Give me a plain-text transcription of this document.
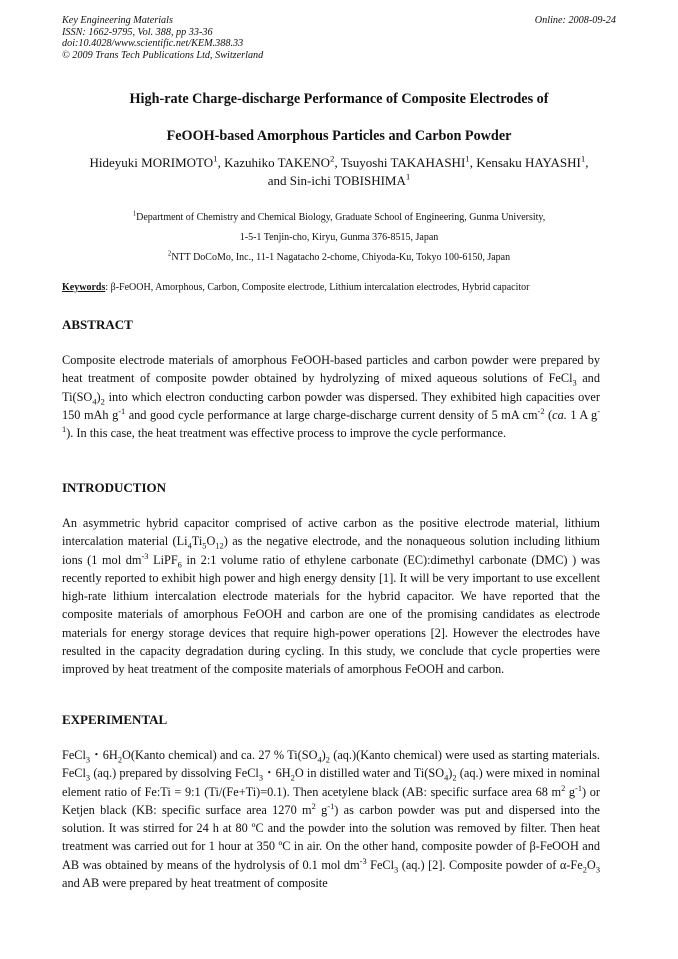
Key Engineering Materials
ISSN: 1662-9795, Vol. 388, pp 33-36
doi:10.4028/www.scientific.net/KEM.388.33
© 2009 Trans Tech Publications Ltd, Switzerland
Online: 2008-09-24
High-rate Charge-discharge Performance of Composite Electrodes of
FeOOH-based Amorphous Particles and Carbon Powder
Hideyuki MORIMOTO$^1$, Kazuhiko TAKENO$^2$, Tsuyoshi TAKAHASHI$^1$, Kensaku HAYASHI$^1$,
and Sin-ichi TOBISHIMA$^1$
$^1$Department of Chemistry and Chemical Biology, Graduate School of Engineering, Gunma University,
1-5-1 Tenjin-cho, Kiryu, Gunma 376-8515, Japan
$^2$NTT DoCoMo, Inc., 11-1 Nagatacho 2-chome, Chiyoda-Ku, Tokyo 100-6150, Japan
Keywords: β-FeOOH, Amorphous, Carbon, Composite electrode, Lithium intercalation electrodes, Hybrid capacitor
ABSTRACT

Composite electrode materials of amorphous FeOOH-based particles and carbon powder were prepared by heat treatment of composite powder obtained by hydrolyzing of mixed aqueous solutions of FeCl$_3$ and $Ti(SO_4)_2$ into which electron conducting carbon powder was dispersed. They exhibited high capacities over 150 mAh $g^{-1}$ and good cycle performance at large charge-discharge current density of 5 mA $cm^{-2}$ (ca. 1 A $g^{-1}$). In this case, the heat treatment was effective process to improve the cycle performance.

INTRODUCTION

An asymmetric hybrid capacitor comprised of active carbon as the positive electrode material, lithium intercalation material $(Li_4Ti_5O_{12})$ as the negative electrode, and the nonaqueous solution including lithium ions (1 mol $dm^{-3}$ LiPF$_6$ in 2:1 volume ratio of ethylene carbonate (EC):dimethyl carbonate (DMC) ) was recently reported to exhibit high power and high energy density [1]. It will be very important to use excellent high-rate lithium intercalation electrode materials for the hybrid capacitor. We have reported that the composite materials of amorphous FeOOH and carbon are one of the promising candidates as electrode materials for energy storage devices that require high-power operations [2]. However the electrodes have resulted in the capacity degradation during cycling. In this study, we conclude that cycle properties were improved by heat treatment of the composite materials of amorphous FeOOH and carbon.

EXPERIMENTAL

FeCl$_3$・$6H_2O(Kanto$ chemical) and ca. 27 % $Ti(SO_4)_2$ (aq.)(Kanto chemical) were used as starting materials. FeCl$_3$ (aq.) prepared by dissolving FeCl$_3$・$6H_2O$ in distilled water and $Ti(SO_4)_2$ (aq.) were mixed in nominal element ratio of Fe:Ti = 9:1 (Ti/(Fe+Ti)=0.1). Then acetylene black (AB: specific surface area 68 $m^2$ $g^{-1}$) or Ketjen black (KB: specific surface area 1270 $m^2$ $g^{-1}$) as carbon powder was put and dispersed into the solution. It was stirred for 24 h at 80 ºC and the powder into the solution was removed by filter. Then heat treatment was carried out for 1 hour at 350 ºC in air. On the other hand, composite powder of β-FeOOH and AB was obtained by means of the hydrolysis of 0.1 mol $dm^{-3}$ FeCl$_3$ (aq.) [2]. Composite powder of $\alpha-Fe_2O_3$ and AB were prepared by heat treatment of composite
